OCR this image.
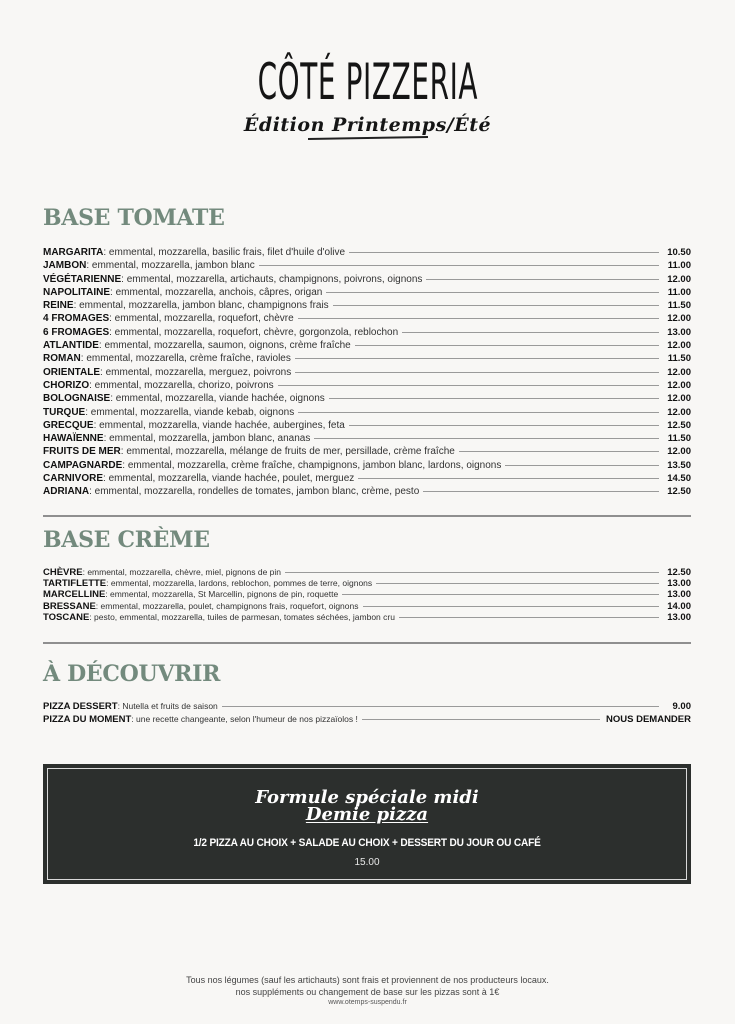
CÔTÉ PIZZERIA
Édition Printemps/Été
BASE TOMATE
MARGARITA : emmental, mozzarella, basilic frais, filet d'huile d'olive	10.50
JAMBON : emmental, mozzarella, jambon blanc	11.00
VÉGÉTARIENNE : emmental, mozzarella, artichauts, champignons, poivrons, oignons	12.00
NAPOLITAINE : emmental, mozzarella, anchois, câpres, origan	11.00
REINE : emmental, mozzarella, jambon blanc, champignons frais	11.50
4 FROMAGES : emmental, mozzarella, roquefort, chèvre	12.00
6 FROMAGES : emmental, mozzarella, roquefort, chèvre, gorgonzola, reblochon	13.00
ATLANTIDE : emmental, mozzarella, saumon, oignons, crème fraîche	12.00
ROMAN : emmental, mozzarella, crème fraîche, ravioles	11.50
ORIENTALE : emmental, mozzarella, merguez, poivrons	12.00
CHORIZO : emmental, mozzarella, chorizo, poivrons	12.00
BOLOGNAISE : emmental, mozzarella, viande hachée, oignons	12.00
TURQUE : emmental, mozzarella, viande kebab, oignons	12.00
GRECQUE : emmental, mozzarella, viande hachée, aubergines, feta	12.50
HAWAÏENNE : emmental, mozzarella, jambon blanc, ananas	11.50
FRUITS DE MER : emmental, mozzarella, mélange de fruits de mer, persillade, crème fraîche	12.00
CAMPAGNARDE : emmental, mozzarella, crème fraîche, champignons, jambon blanc, lardons, oignons	13.50
CARNIVORE : emmental, mozzarella, viande hachée, poulet, merguez	14.50
ADRIANA : emmental, mozzarella, rondelles de tomates, jambon blanc, crème, pesto	12.50
BASE CRÈME
CHÈVRE : emmental, mozzarella, chèvre, miel, pignons de pin	12.50
TARTIFLETTE : emmental, mozzarella, lardons, reblochon, pommes de terre, oignons	13.00
MARCELLINE : emmental, mozzarella, St Marcellin, pignons de pin, roquette	13.00
BRESSANE : emmental, mozzarella, poulet, champignons frais, roquefort, oignons	14.00
TOSCANE : pesto, emmental, mozzarella, tuiles de parmesan, tomates séchées, jambon cru	13.00
À DÉCOUVRIR
PIZZA DESSERT : Nutella et fruits de saison	9.00
PIZZA DU MOMENT : une recette changeante, selon l'humeur de nos pizzaïolos !	NOUS DEMANDER
Formule spéciale midi
Demie pizza
1/2 PIZZA AU CHOIX + SALADE AU CHOIX + DESSERT DU JOUR OU CAFÉ
15.00
Tous nos légumes (sauf les artichauts) sont frais et proviennent de nos producteurs locaux.
nos suppléments ou changement de base sur les pizzas sont à 1€
www.otemps-suspendu.fr
